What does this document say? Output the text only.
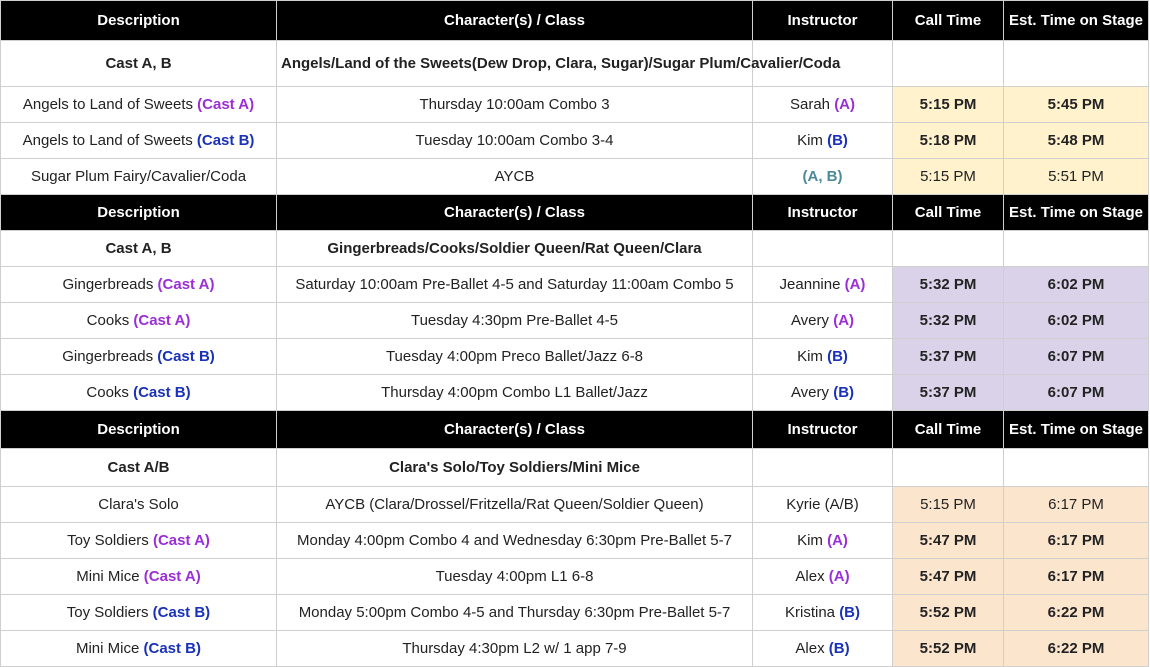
Description	Character(s) / Class	Instructor	Call Time	Est. Time on Stage
Cast A, B	Angels/Land of the Sweets(Dew Drop, Clara, Sugar)/Sugar Plum/Cavalier/Coda			
Angels to Land of Sweets (Cast A)	Thursday 10:00am Combo 3	Sarah (A)	5:15 PM	5:45 PM
Angels to Land of Sweets (Cast B)	Tuesday 10:00am Combo 3-4	Kim (B)	5:18 PM	5:48 PM
Sugar Plum Fairy/Cavalier/Coda	AYCB	(A, B)	5:15 PM	5:51 PM
Description	Character(s) / Class	Instructor	Call Time	Est. Time on Stage
Cast A, B	Gingerbreads/Cooks/Soldier Queen/Rat Queen/Clara			
Gingerbreads (Cast A)	Saturday 10:00am Pre-Ballet 4-5 and Saturday 11:00am Combo 5	Jeannine (A)	5:32 PM	6:02 PM
Cooks (Cast A)	Tuesday 4:30pm Pre-Ballet 4-5	Avery (A)	5:32 PM	6:02 PM
Gingerbreads (Cast B)	Tuesday 4:00pm Preco Ballet/Jazz 6-8	Kim (B)	5:37 PM	6:07 PM
Cooks (Cast B)	Thursday 4:00pm Combo L1 Ballet/Jazz	Avery (B)	5:37 PM	6:07 PM
Description	Character(s) / Class	Instructor	Call Time	Est. Time on Stage
Cast A/B	Clara's Solo/Toy Soldiers/Mini Mice			
Clara's Solo	AYCB (Clara/Drossel/Fritzella/Rat Queen/Soldier Queen)	Kyrie (A/B)	5:15 PM	6:17 PM
Toy Soldiers (Cast A)	Monday 4:00pm Combo 4 and Wednesday 6:30pm Pre-Ballet 5-7	Kim (A)	5:47 PM	6:17 PM
Mini Mice (Cast A)	Tuesday 4:00pm L1 6-8	Alex (A)	5:47 PM	6:17 PM
Toy Soldiers (Cast B)	Monday 5:00pm Combo 4-5 and Thursday 6:30pm Pre-Ballet 5-7	Kristina (B)	5:52 PM	6:22 PM
Mini Mice (Cast B)	Thursday 4:30pm L2 w/ 1 app 7-9	Alex (B)	5:52 PM	6:22 PM
